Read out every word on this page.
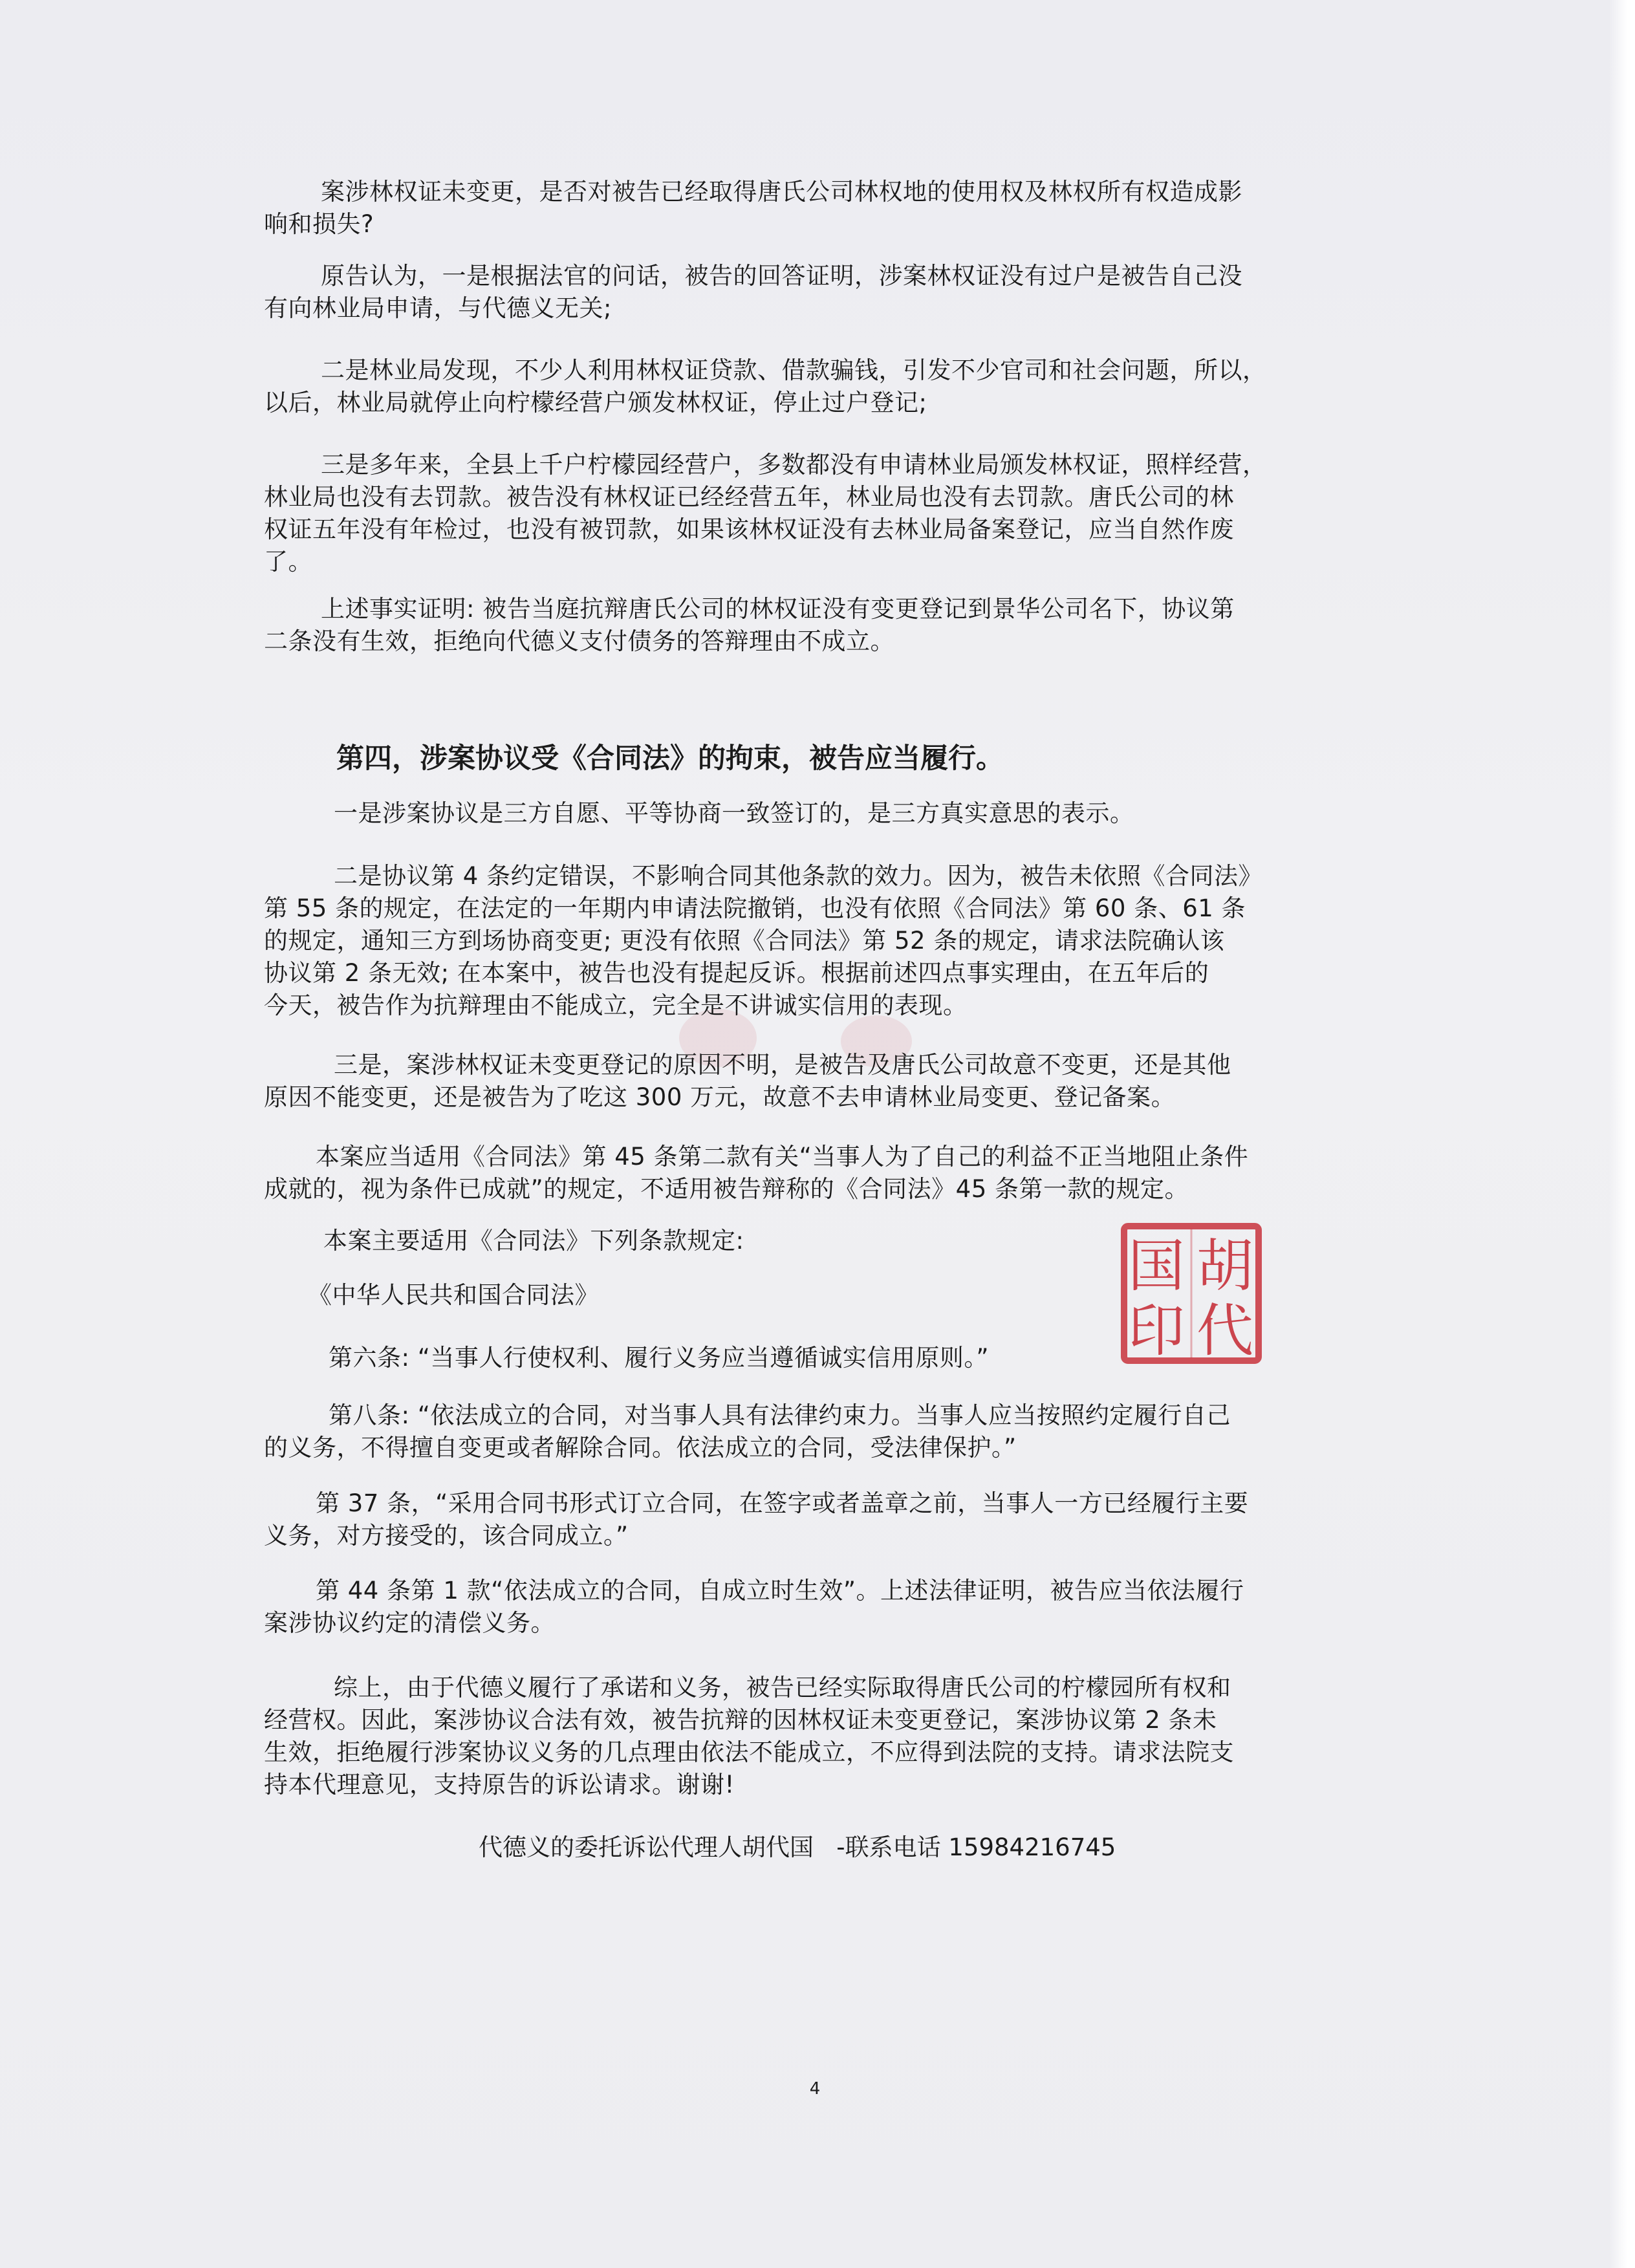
案涉林权证未变更，是否对被告已经取得唐氏公司林权地的使用权及林权所有权造成影
响和损失?
原告认为，一是根据法官的问话，被告的回答证明，涉案林权证没有过户是被告自己没
有向林业局申请，与代德义无关;
二是林业局发现，不少人利用林权证贷款、借款骗钱，引发不少官司和社会问题，所以，
以后，林业局就停止向柠檬经营户颁发林权证，停止过户登记;
三是多年来，全县上千户柠檬园经营户，多数都没有申请林业局颁发林权证，照样经营，
林业局也没有去罚款。被告没有林权证已经经营五年，林业局也没有去罚款。唐氏公司的林
权证五年没有年检过，也没有被罚款，如果该林权证没有去林业局备案登记，应当自然作废
了。
上述事实证明: 被告当庭抗辩唐氏公司的林权证没有变更登记到景华公司名下，协议第
二条没有生效，拒绝向代德义支付债务的答辩理由不成立。
第四，涉案协议受《合同法》的拘束，被告应当履行。
一是涉案协议是三方自愿、平等协商一致签订的，是三方真实意思的表示。
二是协议第 4 条约定错误，不影响合同其他条款的效力。因为，被告未依照《合同法》
第 55 条的规定，在法定的一年期内申请法院撤销，也没有依照《合同法》第 60 条、61 条
的规定，通知三方到场协商变更; 更没有依照《合同法》第 52 条的规定，请求法院确认该
协议第 2 条无效; 在本案中，被告也没有提起反诉。根据前述四点事实理由，在五年后的
今天，被告作为抗辩理由不能成立，完全是不讲诚实信用的表现。
三是，案涉林权证未变更登记的原因不明，是被告及唐氏公司故意不变更，还是其他
原因不能变更，还是被告为了吃这 300 万元，故意不去申请林业局变更、登记备案。
本案应当适用《合同法》第 45 条第二款有关“当事人为了自己的利益不正当地阻止条件
成就的，视为条件已成就”的规定，不适用被告辩称的《合同法》45 条第一款的规定。
本案主要适用《合同法》下列条款规定:
《中华人民共和国合同法》
第六条: “当事人行使权利、履行义务应当遵循诚实信用原则。”
第八条: “依法成立的合同，对当事人具有法律约束力。当事人应当按照约定履行自己
的义务，不得擅自变更或者解除合同。依法成立的合同，受法律保护。”
第 37 条，“采用合同书形式订立合同，在签字或者盖章之前，当事人一方已经履行主要
义务，对方接受的，该合同成立。”
第 44 条第 1 款“依法成立的合同，自成立时生效”。上述法律证明，被告应当依法履行
案涉协议约定的清偿义务。
综上，由于代德义履行了承诺和义务，被告已经实际取得唐氏公司的柠檬园所有权和
经营权。因此，案涉协议合法有效，被告抗辩的因林权证未变更登记，案涉协议第 2 条未
生效，拒绝履行涉案协议义务的几点理由依法不能成立，不应得到法院的支持。请求法院支
持本代理意见，支持原告的诉讼请求。谢谢!
代德义的委托诉讼代理人胡代国   -联系电话 15984216745
胡
国
代
印
4
